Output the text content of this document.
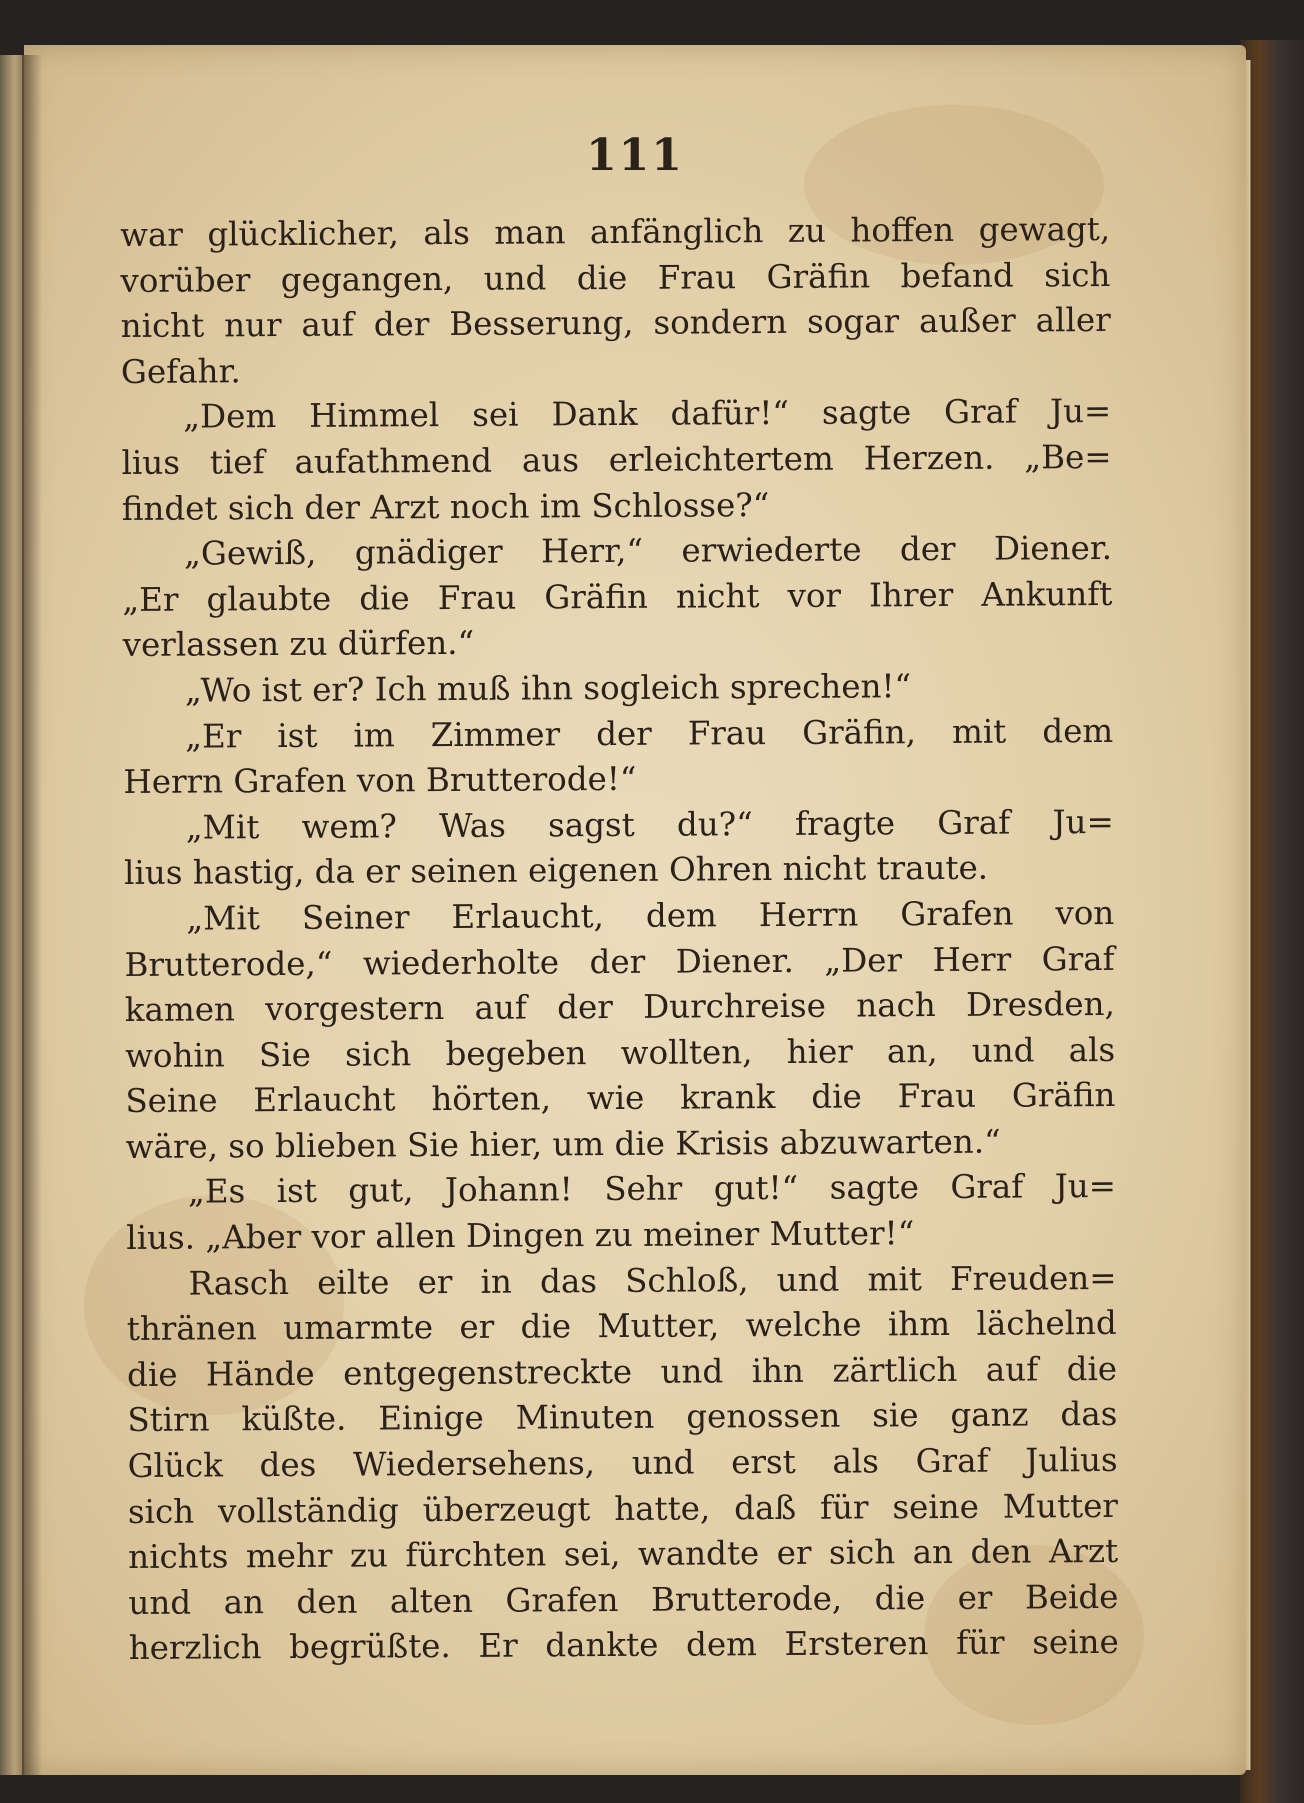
111
war glücklicher, als man anfänglich zu hoffen gewagt,
vorüber gegangen, und die Frau Gräfin befand sich
nicht nur auf der Besserung, sondern sogar außer aller
Gefahr.
„Dem Himmel sei Dank dafür!“ sagte Graf Ju=
lius tief aufathmend aus erleichtertem Herzen. „Be=
findet sich der Arzt noch im Schlosse?“
„Gewiß, gnädiger Herr,“ erwiederte der Diener.
„Er glaubte die Frau Gräfin nicht vor Ihrer Ankunft
verlassen zu dürfen.“
„Wo ist er? Ich muß ihn sogleich sprechen!“
„Er ist im Zimmer der Frau Gräfin, mit dem
Herrn Grafen von Brutterode!“
„Mit wem? Was sagst du?“ fragte Graf Ju=
lius hastig, da er seinen eigenen Ohren nicht traute.
„Mit Seiner Erlaucht, dem Herrn Grafen von
Brutterode,“ wiederholte der Diener. „Der Herr Graf
kamen vorgestern auf der Durchreise nach Dresden,
wohin Sie sich begeben wollten, hier an, und als
Seine Erlaucht hörten, wie krank die Frau Gräfin
wäre, so blieben Sie hier, um die Krisis abzuwarten.“
„Es ist gut, Johann! Sehr gut!“ sagte Graf Ju=
lius. „Aber vor allen Dingen zu meiner Mutter!“
Rasch eilte er in das Schloß, und mit Freuden=
thränen umarmte er die Mutter, welche ihm lächelnd
die Hände entgegenstreckte und ihn zärtlich auf die
Stirn küßte. Einige Minuten genossen sie ganz das
Glück des Wiedersehens, und erst als Graf Julius
sich vollständig überzeugt hatte, daß für seine Mutter
nichts mehr zu fürchten sei, wandte er sich an den Arzt
und an den alten Grafen Brutterode, die er Beide
herzlich begrüßte. Er dankte dem Ersteren für seine
